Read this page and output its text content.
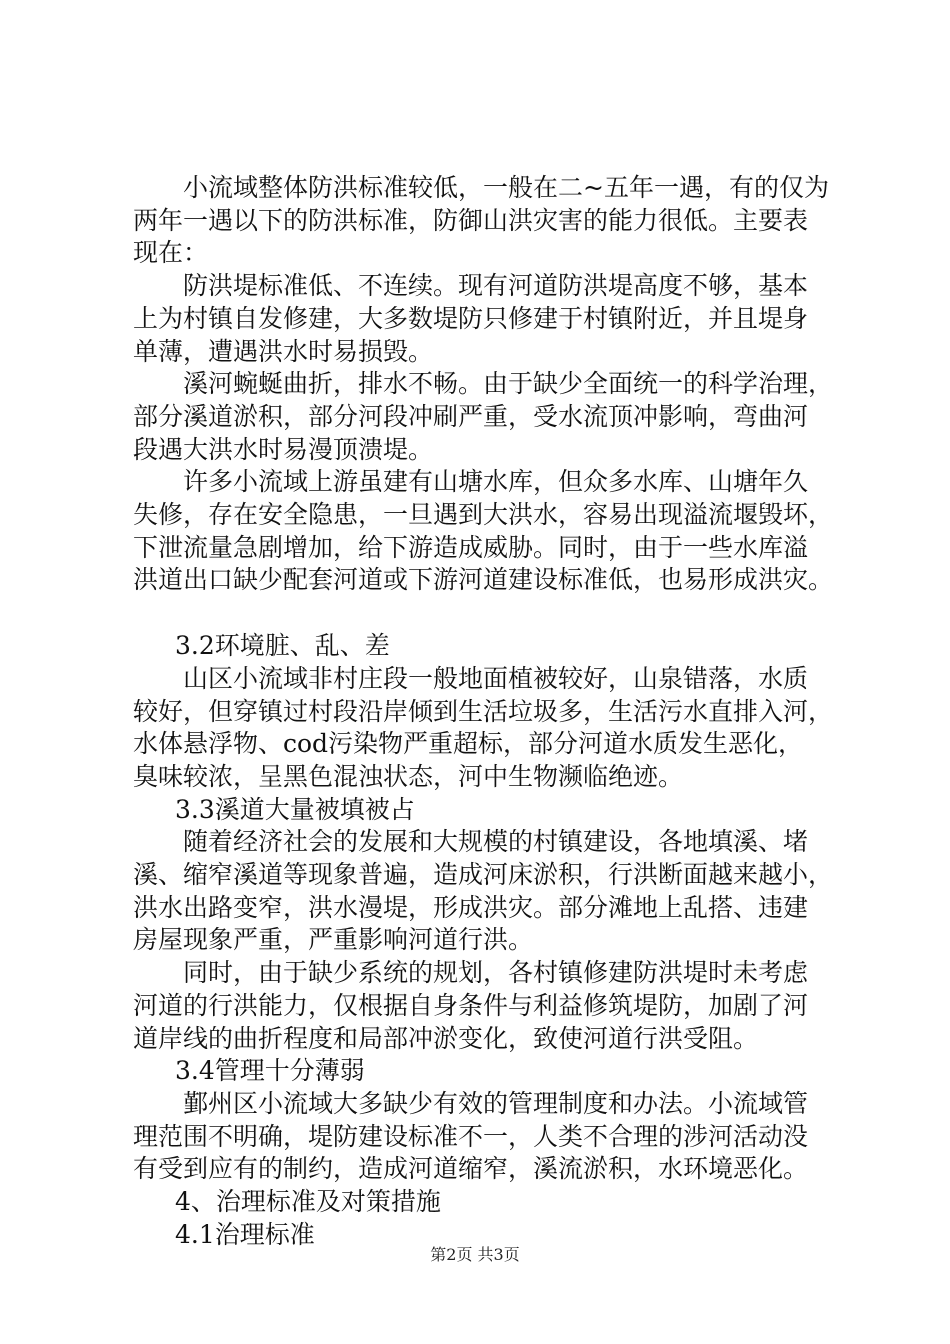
小流域整体防洪标准较低，一般在二~五年一遇，有的仅为
两年一遇以下的防洪标准，防御山洪灾害的能力很低。主要表
现在：
防洪堤标准低、不连续。现有河道防洪堤高度不够，基本
上为村镇自发修建，大多数堤防只修建于村镇附近，并且堤身
单薄，遭遇洪水时易损毁。
溪河蜿蜒曲折，排水不畅。由于缺少全面统一的科学治理，
部分溪道淤积，部分河段冲刷严重，受水流顶冲影响，弯曲河
段遇大洪水时易漫顶溃堤。
许多小流域上游虽建有山塘水库，但众多水库、山塘年久
失修，存在安全隐患，一旦遇到大洪水，容易出现溢流堰毁坏，
下泄流量急剧增加，给下游造成威胁。同时，由于一些水库溢
洪道出口缺少配套河道或下游河道建设标准低，也易形成洪灾。
3.2环境脏、乱、差
山区小流域非村庄段一般地面植被较好，山泉错落，水质
较好，但穿镇过村段沿岸倾到生活垃圾多，生活污水直排入河，
水体悬浮物、cod污染物严重超标，部分河道水质发生恶化，
臭味较浓，呈黑色混浊状态，河中生物濒临绝迹。
3.3溪道大量被填被占
随着经济社会的发展和大规模的村镇建设，各地填溪、堵
溪、缩窄溪道等现象普遍，造成河床淤积，行洪断面越来越小，
洪水出路变窄，洪水漫堤，形成洪灾。部分滩地上乱搭、违建
房屋现象严重，严重影响河道行洪。
同时，由于缺少系统的规划，各村镇修建防洪堤时未考虑
河道的行洪能力，仅根据自身条件与利益修筑堤防，加剧了河
道岸线的曲折程度和局部冲淤变化，致使河道行洪受阻。
3.4管理十分薄弱
鄞州区小流域大多缺少有效的管理制度和办法。小流域管
理范围不明确，堤防建设标准不一，人类不合理的涉河活动没
有受到应有的制约，造成河道缩窄，溪流淤积，水环境恶化。
4、治理标准及对策措施
4.1治理标准
第2页 共3页
